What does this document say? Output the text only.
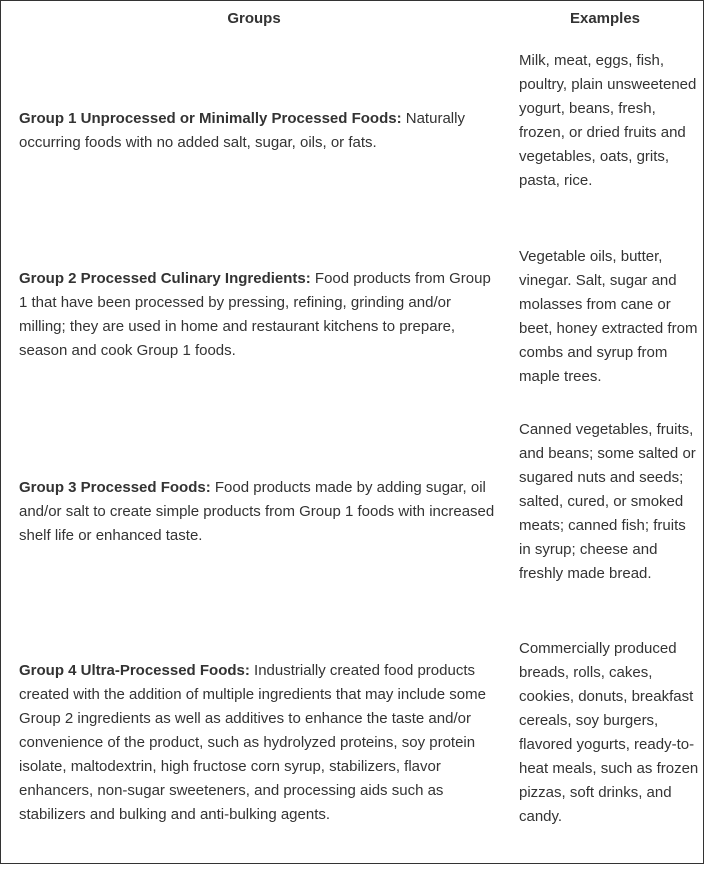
Groups	Examples
Group 1 Unprocessed or Minimally Processed Foods: Naturally occurring foods with no added salt, sugar, oils, or fats.
Milk, meat, eggs, fish, poultry, plain unsweetened yogurt, beans, fresh, frozen, or dried fruits and vegetables, oats, grits, pasta, rice.
Group 2 Processed Culinary Ingredients: Food products from Group 1 that have been processed by pressing, refining, grinding and/or milling; they are used in home and restaurant kitchens to prepare, season and cook Group 1 foods.
Vegetable oils, butter, vinegar. Salt, sugar and molasses from cane or beet, honey extracted from combs and syrup from maple trees.
Group 3 Processed Foods: Food products made by adding sugar, oil and/or salt to create simple products from Group 1 foods with increased shelf life or enhanced taste.
Canned vegetables, fruits, and beans; some salted or sugared nuts and seeds; salted, cured, or smoked meats; canned fish; fruits in syrup; cheese and freshly made bread.
Group 4 Ultra-Processed Foods: Industrially created food products created with the addition of multiple ingredients that may include some Group 2 ingredients as well as additives to enhance the taste and/or convenience of the product, such as hydrolyzed proteins, soy protein isolate, maltodextrin, high fructose corn syrup, stabilizers, flavor enhancers, non-sugar sweeteners, and processing aids such as stabilizers and bulking and anti-bulking agents.
Commercially produced breads, rolls, cakes, cookies, donuts, breakfast cereals, soy burgers, flavored yogurts, ready-to-heat meals, such as frozen pizzas, soft drinks, and candy.
